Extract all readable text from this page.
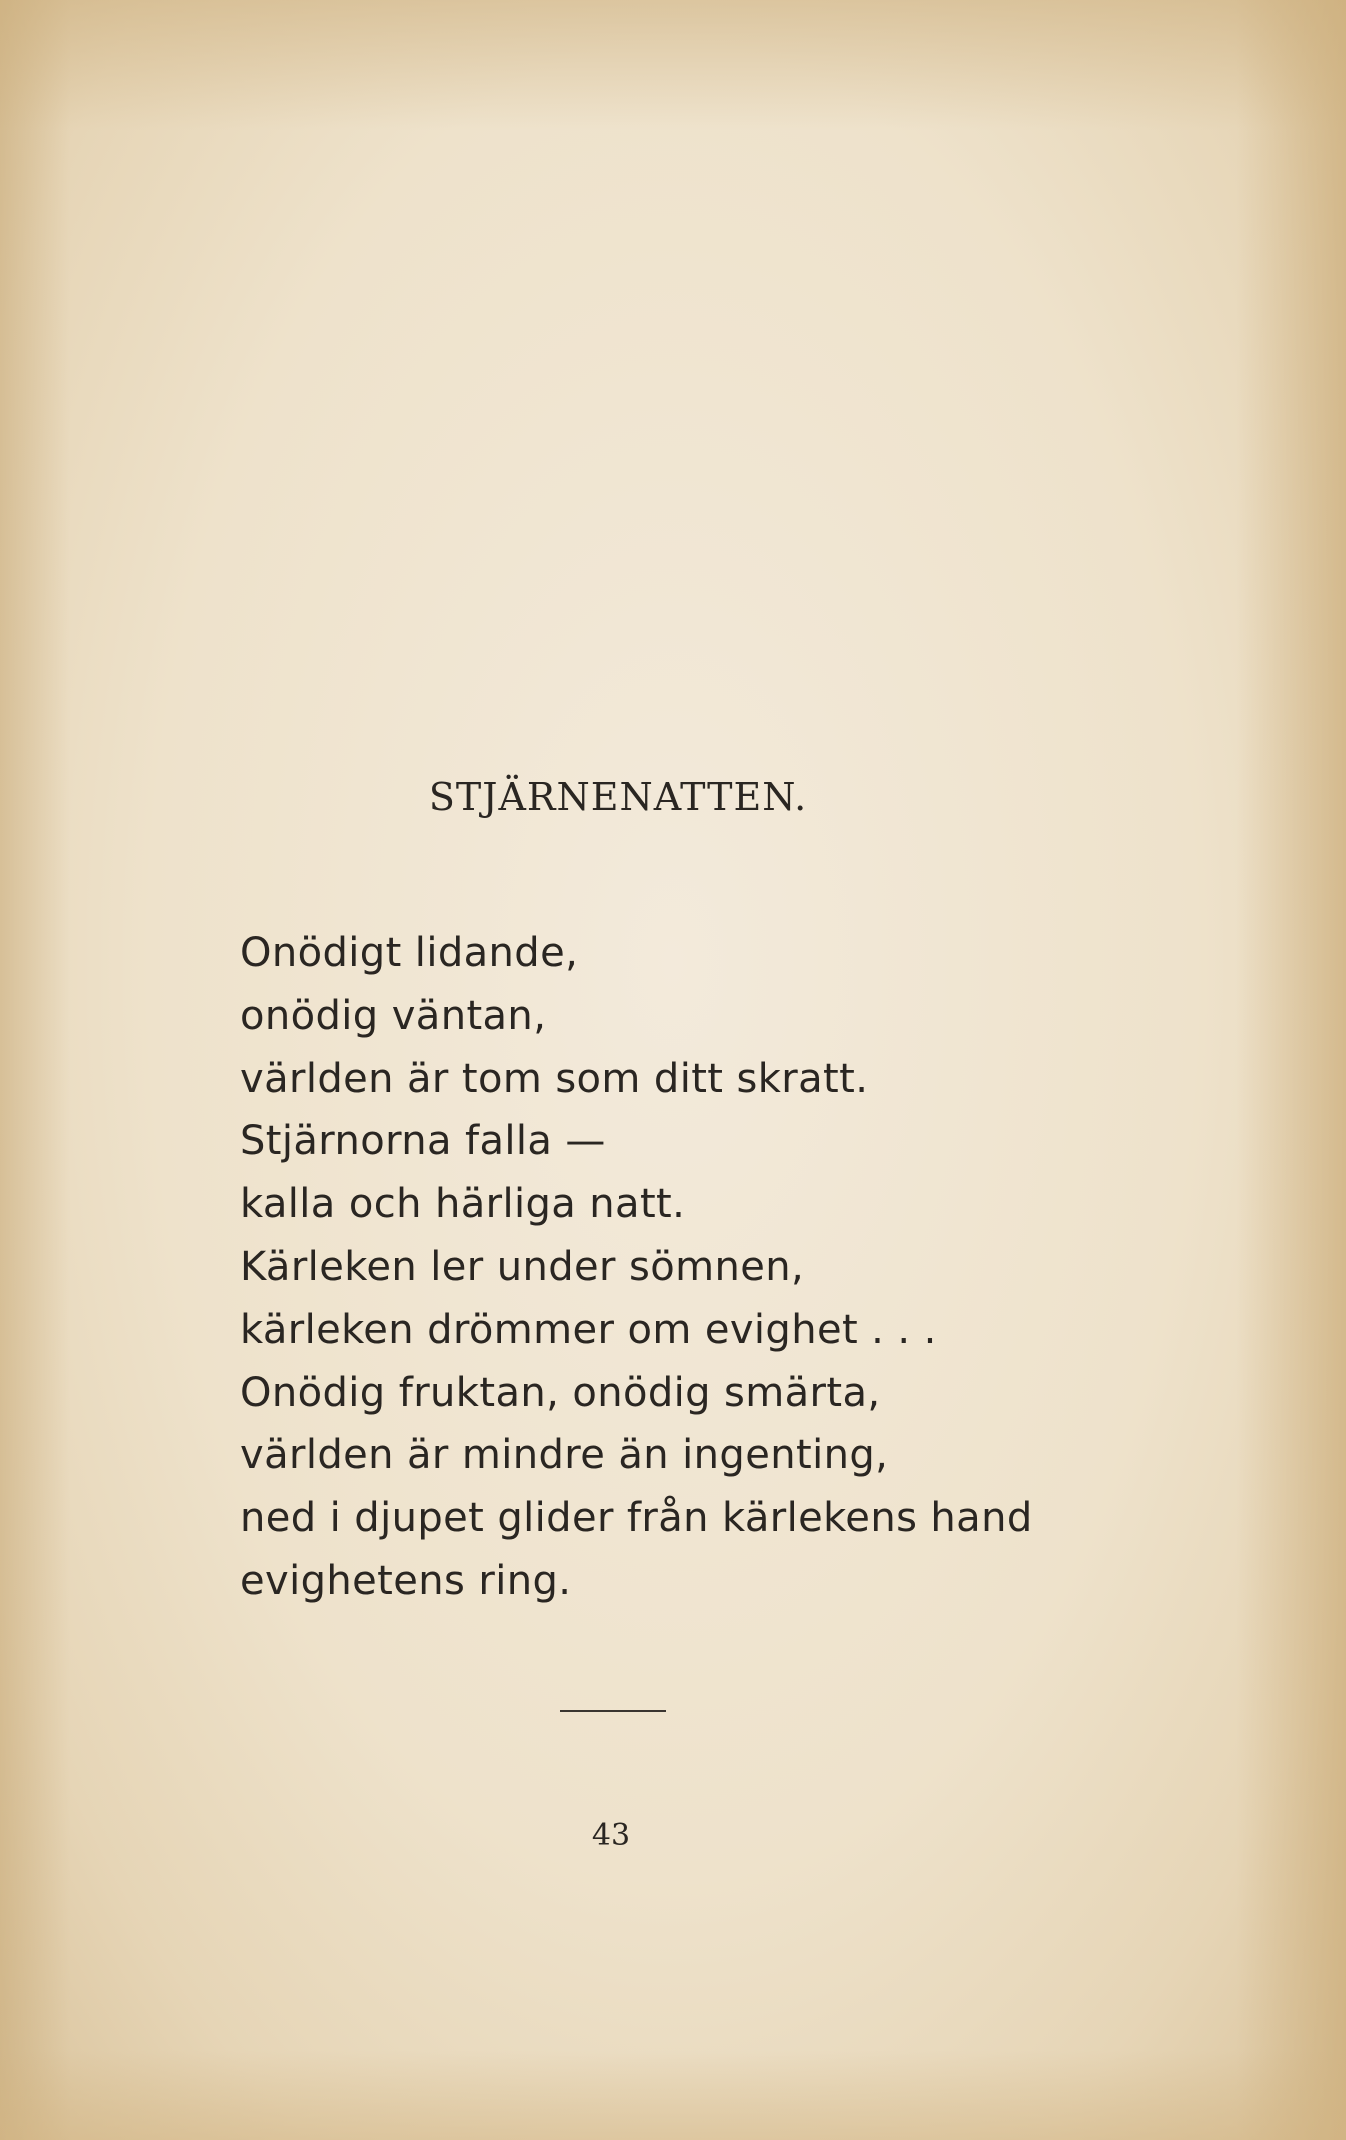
STJÄRNENATTEN.
Onödigt lidande,
onödig väntan,
världen är tom som ditt skratt.
Stjärnorna falla —
kalla och härliga natt.
Kärleken ler under sömnen,
kärleken drömmer om evighet . . .
Onödig fruktan, onödig smärta,
världen är mindre än ingenting,
ned i djupet glider från kärlekens hand
evighetens ring.
43
